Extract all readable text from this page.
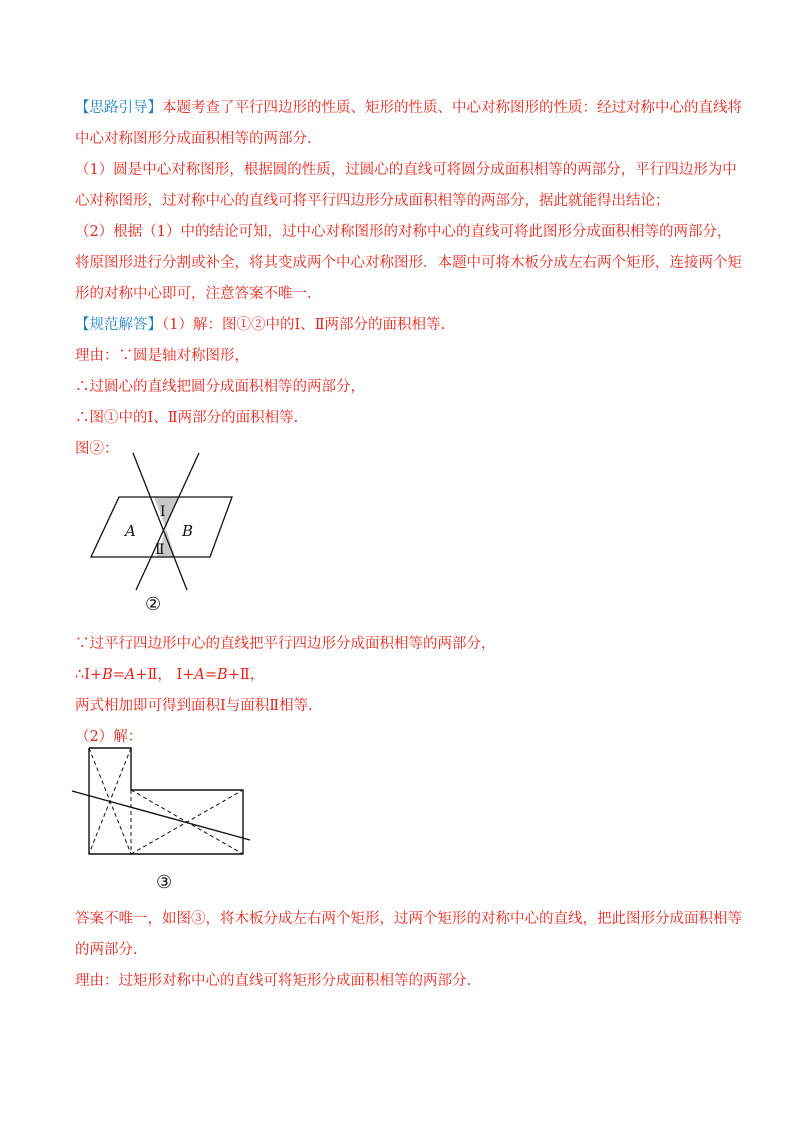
【思路引导】本题考查了平行四边形的性质、矩形的性质、中心对称图形的性质：经过对称中心的直线将
中心对称图形分成面积相等的两部分.
（1）圆是中心对称图形，根据圆的性质，过圆心的直线可将圆分成面积相等的两部分，平行四边形为中
心对称图形，过对称中心的直线可将平行四边形分成面积相等的两部分，据此就能得出结论；
（2）根据（1）中的结论可知，过中心对称图形的对称中心的直线可将此图形分成面积相等的两部分，
将原图形进行分割或补全，将其变成两个中心对称图形．本题中可将木板分成左右两个矩形，连接两个矩
形的对称中心即可，注意答案不唯一.
【规范解答】（1）解：图①②中的Ⅰ、Ⅱ两部分的面积相等.
理由：∵圆是轴对称图形，
∴过圆心的直线把圆分成面积相等的两部分，
∴图①中的Ⅰ、Ⅱ两部分的面积相等.
图②：
A	B
Ⅰ
Ⅱ
②
∵过平行四边形中心的直线把平行四边形分成面积相等的两部分，
∴Ⅰ+B=A+Ⅱ， Ⅰ+A=B+Ⅱ，
两式相加即可得到面积Ⅰ与面积Ⅱ相等.
（2）解：
③
答案不唯一，如图③，将木板分成左右两个矩形，过两个矩形的对称中心的直线，把此图形分成面积相等
的两部分.
理由：过矩形对称中心的直线可将矩形分成面积相等的两部分.
